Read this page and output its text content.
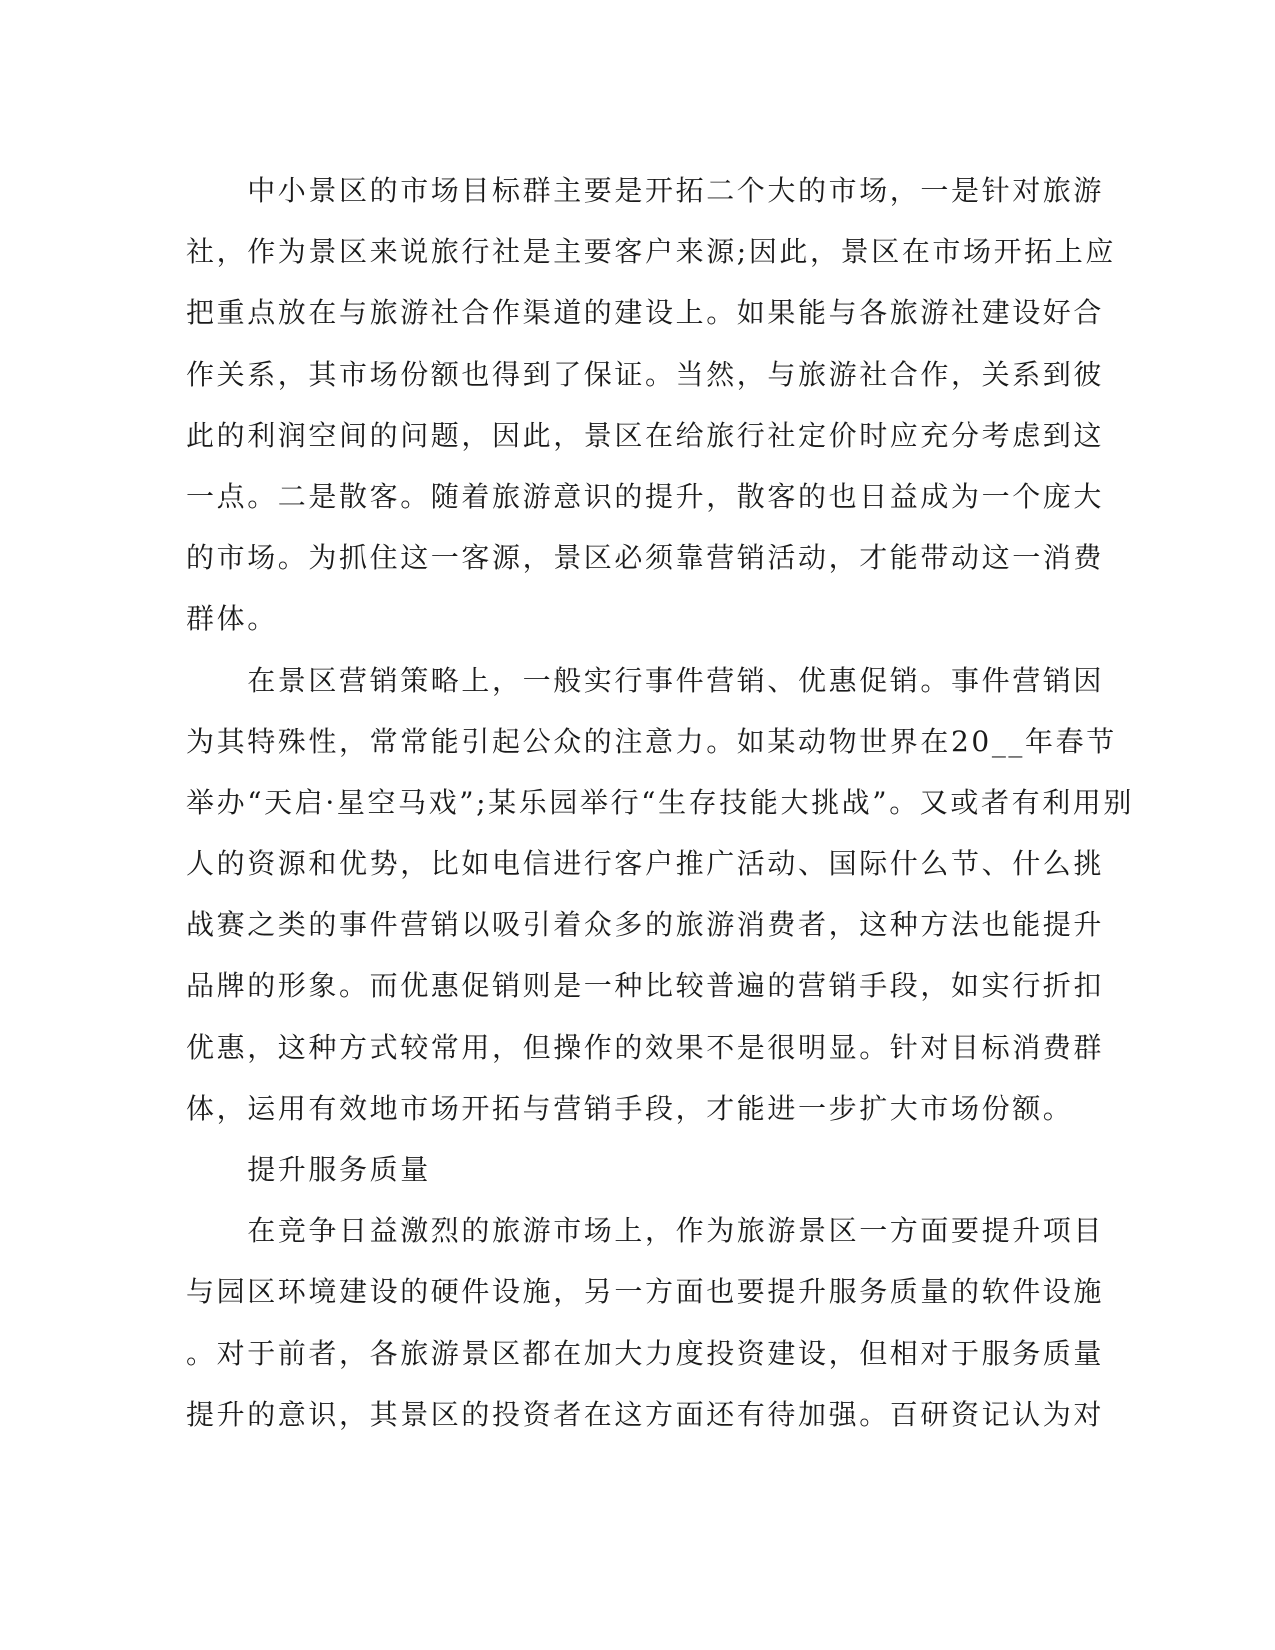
　　中小景区的市场目标群主要是开拓二个大的市场，一是针对旅游
社，作为景区来说旅行社是主要客户来源;因此，景区在市场开拓上应
把重点放在与旅游社合作渠道的建设上。如果能与各旅游社建设好合
作关系，其市场份额也得到了保证。当然，与旅游社合作，关系到彼
此的利润空间的问题，因此，景区在给旅行社定价时应充分考虑到这
一点。二是散客。随着旅游意识的提升，散客的也日益成为一个庞大
的市场。为抓住这一客源，景区必须靠营销活动，才能带动这一消费
群体。
　　在景区营销策略上，一般实行事件营销、优惠促销。事件营销因
为其特殊性，常常能引起公众的注意力。如某动物世界在20__年春节
举办“天启·星空马戏”;某乐园举行“生存技能大挑战”。又或者有利用别
人的资源和优势，比如电信进行客户推广活动、国际什么节、什么挑
战赛之类的事件营销以吸引着众多的旅游消费者，这种方法也能提升
品牌的形象。而优惠促销则是一种比较普遍的营销手段，如实行折扣
优惠，这种方式较常用，但操作的效果不是很明显。针对目标消费群
体，运用有效地市场开拓与营销手段，才能进一步扩大市场份额。
　　提升服务质量
　　在竞争日益激烈的旅游市场上，作为旅游景区一方面要提升项目
与园区环境建设的硬件设施，另一方面也要提升服务质量的软件设施
。对于前者，各旅游景区都在加大力度投资建设，但相对于服务质量
提升的意识，其景区的投资者在这方面还有待加强。百研资记认为对
